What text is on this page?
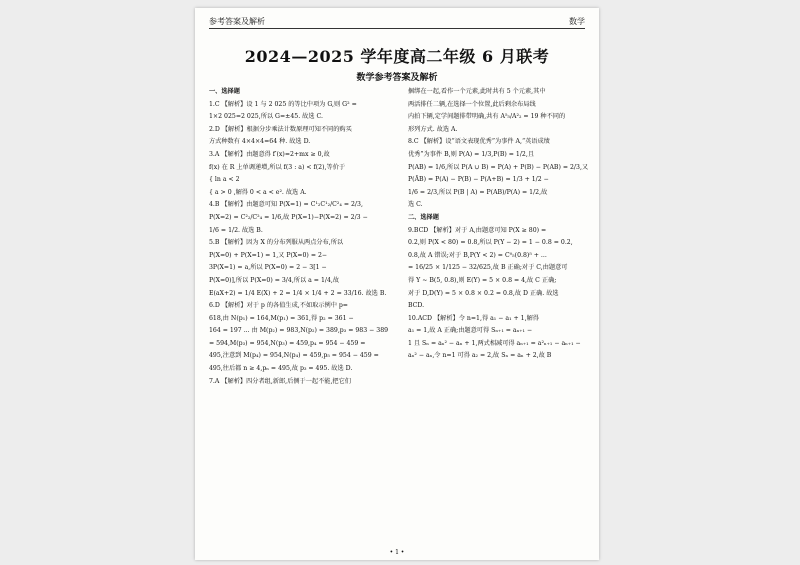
参考答案及解析	数学
2024—2025 学年度高二年级 6 月联考
数学参考答案及解析

一、选择题

1.C 【解析】设 1 与 2 025 的等比中项为 G,则 G² =

1×2 025=2 025,所以 G=±45. 故选 C.

2.D 【解析】根据分步乘法计数原理可知不同的购买

方式种数有 4×4×4=64 种. 故选 D.

3.A 【解析】由题意得 f′(x)=2+mx ≥ 0,故

f(x) 在 R 上单调递增,所以 f(3 : a) < f(2),等价于

{ ln a < 2

{ a > 0 ,解得 0 < a < e². 故选 A.

4.B 【解析】由题意可知 P(X=1) = C¹₂C¹₂/C²₄ = 2/3,

P(X=2) = C²₂/C²₄ = 1/6,故 P(X=1)−P(X=2) = 2/3 −

1/6 = 1/2. 故选 B.

5.B 【解析】因为 X 的分布列服从两点分布,所以

P(X=0) + P(X=1) = 1,又 P(X=0) = 2−

3P(X=1) = a,所以 P(X=0) = 2 − 3[1 −

P(X=0)],所以 P(X=0) = 3/4,所以 a = 1/4,故

E(aX+2) = 1/4 E(X) + 2 = 1/4 × 1/4 + 2 = 33/16. 故选 B.

6.D 【解析】对于 p 的各值生成,不如取示例中 p=

618,由 N(p₁) = 164,M(p₁) = 361,得 p₂ = 361 −

164 = 197 ... 由 M(p₂) = 983,N(p₂) = 389,p₃ = 983 − 389

= 594,M(p₃) = 954,N(p₃) = 459,p₄ = 954 − 459 =

495,注意到 M(p₄) = 954,N(p₄) = 459,p₅ = 954 − 459 =

495,往后都 n ≥ 4,pₙ = 495,故 p₃ = 495. 故选 D.

7.A 【解析】四分者组,新郎,后侧于一起不能,把它们

捆绑在一起,看作一个元素,此时共有 5 个元素,其中

两活排任二辆,在选择一个位置,此后剩余布局线

内拍下辆,定学间题排带明确,共有 A⁵₅/A²₂ = 19 种不同的

形列方式. 故选 A.

8.C 【解析】设“语文表现优秀”为事件 A,“英语成绩

优秀”为事件 B,则 P(A) = 1/3,P(B) = 1/2,且

P(AB) = 1/6,所以 P(A ∪ B) = P(A) + P(B) − P(AB) = 2/3,又

P(ĀB) = P(A) − P(B) − P(A+B) = 1/3 + 1/2 −

1/6 = 2/3,所以 P(B | A) = P(AB)/P(A) = 1/2,故

选 C.

二、选择题

9.BCD 【解析】对于 A,由题意可知 P(X ≥ 80) =

0.2,则 P(X < 80) = 0.8,所以 P(Y − 2) = 1 − 0.8 = 0.2,

0.8,故 A 错误;对于 B,P(Y < 2) = C⁰₅(0.8)⁵ + ...

= 16/25 × 1/125 − 32/625,故 B 正确;对于 C,由题意可

得 Y ~ B(5, 0.8),则 E(Y) = 5 × 0.8 = 4,故 C 正确;

对于 D,D(Y) = 5 × 0.8 × 0.2 = 0.8,故 D 正确. 故选

BCD.

10.ACD 【解析】令 n=1,得 a₁ − a₁ + 1,解得

a₁ = 1,故 A 正确;由题意可得 Sₙ₊₁ = aₙ₊₁ −

1 且 Sₙ = aₙ² − aₙ + 1,两式相减可得 aₙ₊₁ = a²ₙ₊₁ − aₙ₊₁ −

aₙ² − aₙ,令 n=1 可得 a₂ = 2,故 Sₙ = aₙ + 2,故 B

• 1 •
